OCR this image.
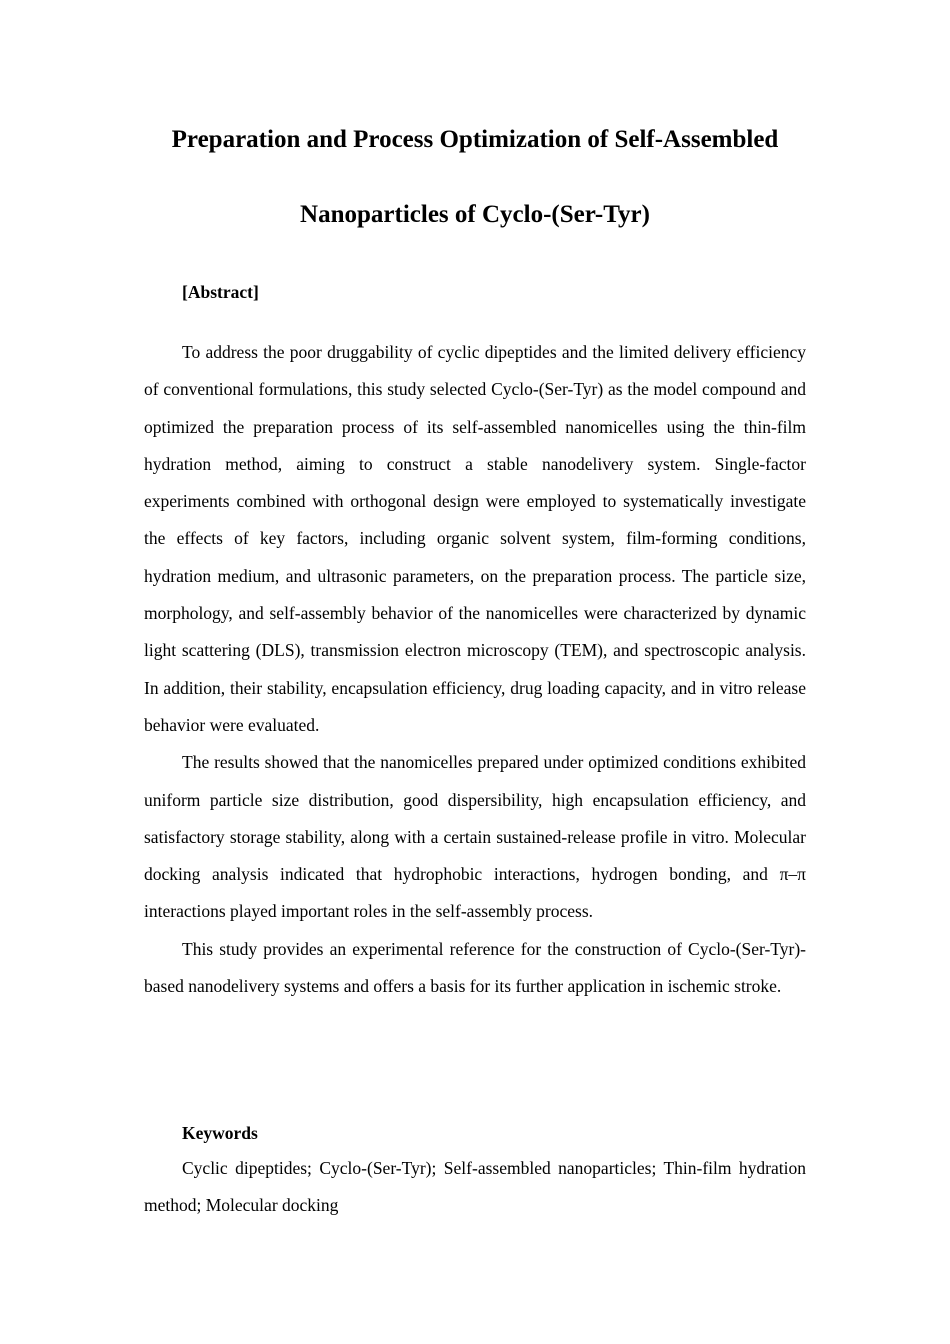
Preparation and Process Optimization of Self-Assembled
Nanoparticles of Cyclo-(Ser-Tyr)
[Abstract]

To address the poor druggability of cyclic dipeptides and the limited delivery efficiency of conventional formulations, this study selected Cyclo-(Ser-Tyr) as the model compound and optimized the preparation process of its self-assembled nanomicelles using the thin-film hydration method, aiming to construct a stable nanodelivery system. Single-factor experiments combined with orthogonal design were employed to systematically investigate the effects of key factors, including organic solvent system, film-forming conditions, hydration medium, and ultrasonic parameters, on the preparation process. The particle size, morphology, and self-assembly behavior of the nanomicelles were characterized by dynamic light scattering (DLS), transmission electron microscopy (TEM), and spectroscopic analysis. In addition, their stability, encapsulation efficiency, drug loading capacity, and in vitro release behavior were evaluated.

The results showed that the nanomicelles prepared under optimized conditions exhibited uniform particle size distribution, good dispersibility, high encapsulation efficiency, and satisfactory storage stability, along with a certain sustained-release profile in vitro. Molecular docking analysis indicated that hydrophobic interactions, hydrogen bonding, and π–π interactions played important roles in the self-assembly process.

This study provides an experimental reference for the construction of Cyclo-(Ser-Tyr)-based nanodelivery systems and offers a basis for its further application in ischemic stroke.

Keywords

Cyclic dipeptides; Cyclo-(Ser-Tyr); Self-assembled nanoparticles; Thin-film hydration method; Molecular docking
